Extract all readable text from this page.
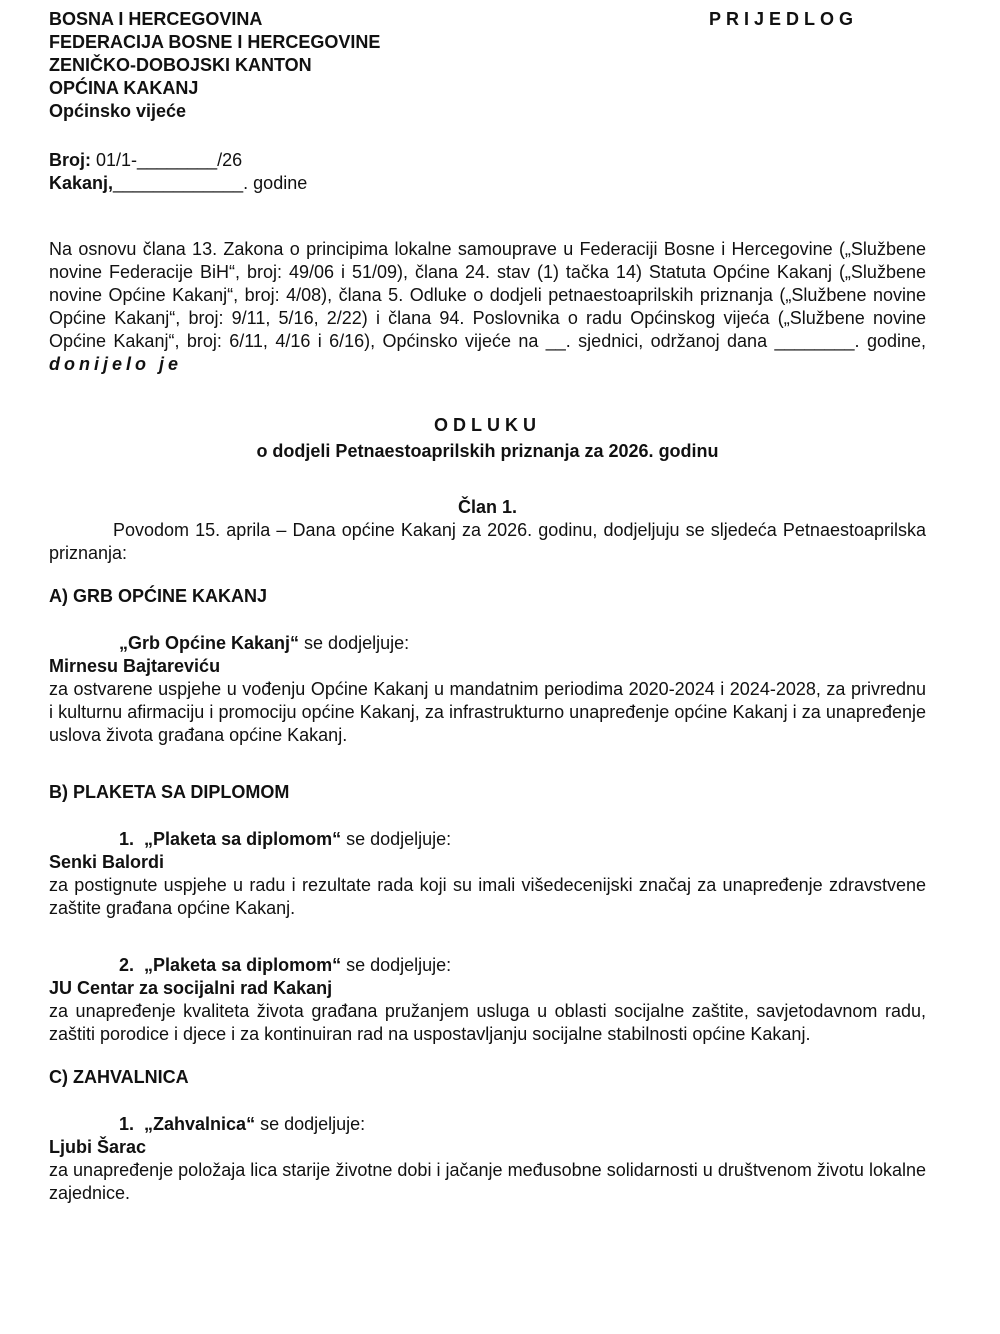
BOSNA I HERCEGOVINA
FEDERACIJA BOSNE I HERCEGOVINE
ZENIČKO-DOBOJSKI KANTON
OPĆINA KAKANJ
Općinsko vijeće
PRIJEDLOG
Broj: 01/1-________/26
Kakanj,_____________. godine
Na osnovu člana 13. Zakona o principima lokalne samouprave u Federaciji Bosne i Hercegovine („Službene novine Federacije BiH“, broj: 49/06 i 51/09), člana 24. stav (1) tačka 14) Statuta Općine Kakanj („Službene novine Općine Kakanj“, broj: 4/08), člana 5. Odluke o dodjeli petnaestoaprilskih priznanja („Službene novine Općine Kakanj“, broj: 9/11, 5/16, 2/22) i člana 94. Poslovnika o radu Općinskog vijeća („Službene novine Općine Kakanj“, broj: 6/11, 4/16 i 6/16), Općinsko vijeće na __. sjednici, održanoj dana ________. godine, donijelo je
ODLUKU
o dodjeli Petnaestoaprilskih priznanja za 2026. godinu
Član 1.
Povodom 15. aprila – Dana općine Kakanj za 2026. godinu, dodjeljuju se sljedeća Petnaestoaprilska priznanja:
A) GRB OPĆINE KAKANJ
„Grb Općine Kakanj“ se dodjeljuje:
Mirnesu Bajtareviću
za ostvarene uspjehe u vođenju Općine Kakanj u mandatnim periodima 2020-2024 i 2024-2028, za privrednu i kulturnu afirmaciju i promociju općine Kakanj, za infrastrukturno unapređenje općine Kakanj i za unapređenje uslova života građana općine Kakanj.
B) PLAKETA SA DIPLOMOM
1. „Plaketa sa diplomom“ se dodjeljuje:
Senki Balordi
za postignute uspjehe u radu i rezultate rada koji su imali višedecenijski značaj za unapređenje zdravstvene zaštite građana općine Kakanj.
2. „Plaketa sa diplomom“ se dodjeljuje:
JU Centar za socijalni rad Kakanj
za unapređenje kvaliteta života građana pružanjem usluga u oblasti socijalne zaštite, savjetodavnom radu, zaštiti porodice i djece i za kontinuiran rad na uspostavljanju socijalne stabilnosti općine Kakanj.
C) ZAHVALNICA
1. „Zahvalnica“ se dodjeljuje:
Ljubi Šarac
za unapređenje položaja lica starije životne dobi i jačanje međusobne solidarnosti u društvenom životu lokalne zajednice.
